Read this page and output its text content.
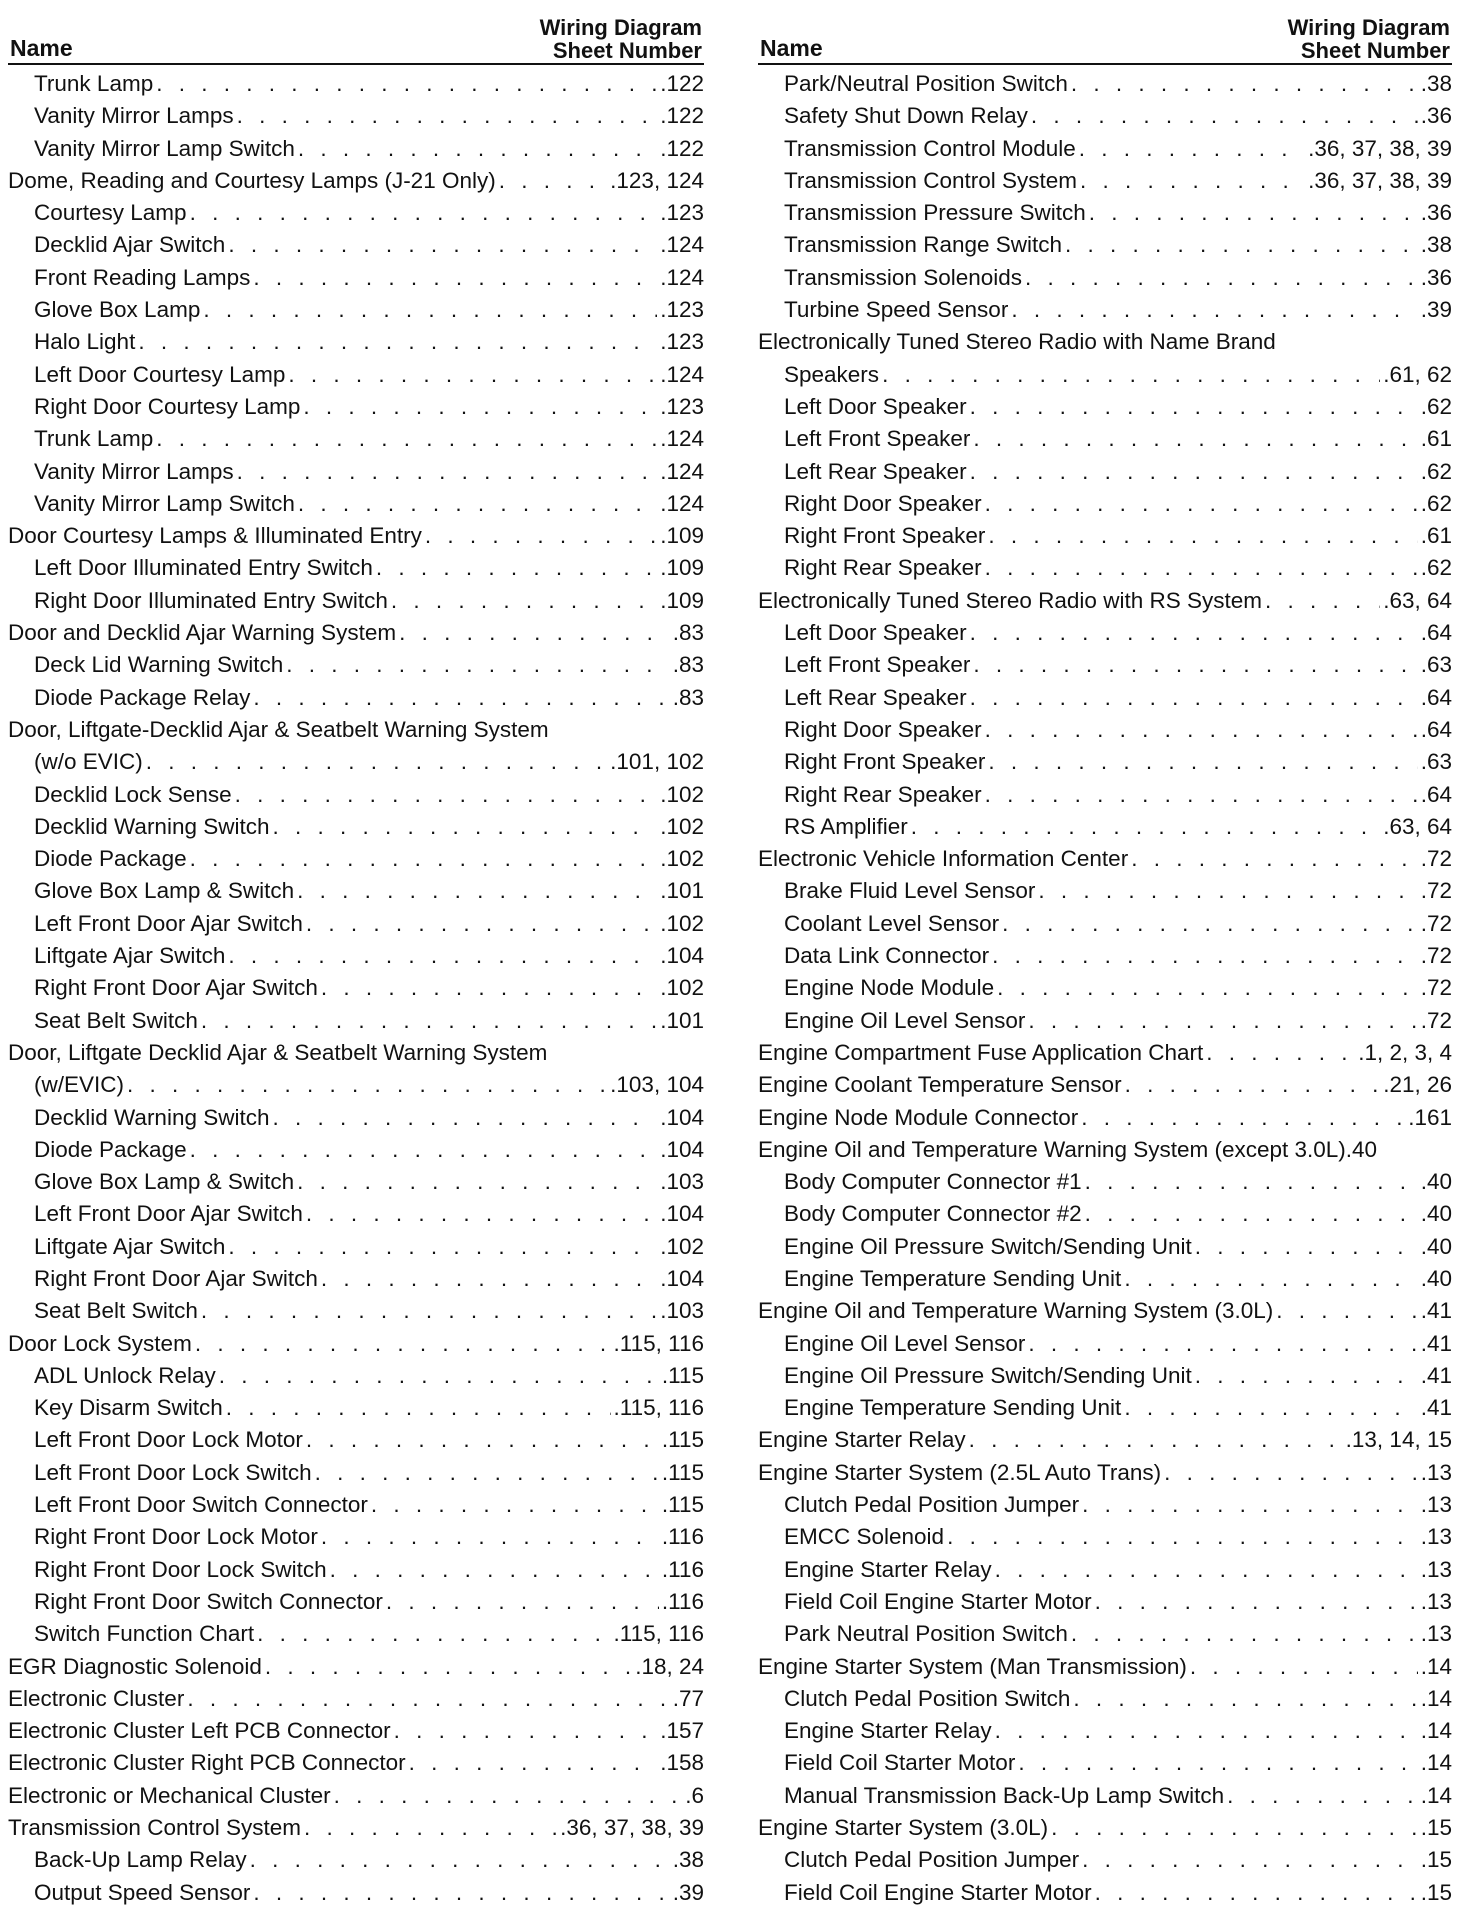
Name
Wiring Diagram
Sheet Number
Trunk Lamp . . .	.122
Vanity Mirror Lamps . . .	.122
Vanity Mirror Lamp Switch . . .	.122
Dome, Reading and Courtesy Lamps (J-21 Only) . . .	.123, 124
Courtesy Lamp . . .	.123
Decklid Ajar Switch . . .	.124
Front Reading Lamps . . .	.124
Glove Box Lamp . . .	.123
Halo Light . . .	.123
Left Door Courtesy Lamp . . .	.124
Right Door Courtesy Lamp . . .	.123
Trunk Lamp . . .	.124
Vanity Mirror Lamps . . .	.124
Vanity Mirror Lamp Switch . . .	.124
Door Courtesy Lamps & Illuminated Entry . . .	.109
Left Door Illuminated Entry Switch . . .	.109
Right Door Illuminated Entry Switch . . .	.109
Door and Decklid Ajar Warning System . . .	.83
Deck Lid Warning Switch . . .	.83
Diode Package Relay . . .	.83
Door, Liftgate-Decklid Ajar & Seatbelt Warning System
(w/o EVIC) . . .	.101, 102
Decklid Lock Sense . . .	.102
Decklid Warning Switch . . .	.102
Diode Package . . .	.102
Glove Box Lamp & Switch . . .	.101
Left Front Door Ajar Switch . . .	.102
Liftgate Ajar Switch . . .	.104
Right Front Door Ajar Switch . . .	.102
Seat Belt Switch . . .	.101
Door, Liftgate Decklid Ajar & Seatbelt Warning System
(w/EVIC) . . .	.103, 104
Decklid Warning Switch . . .	.104
Diode Package . . .	.104
Glove Box Lamp & Switch . . .	.103
Left Front Door Ajar Switch . . .	.104
Liftgate Ajar Switch . . .	.102
Right Front Door Ajar Switch . . .	.104
Seat Belt Switch . . .	.103
Door Lock System . . .	.115, 116
ADL Unlock Relay . . .	.115
Key Disarm Switch . . .	.115, 116
Left Front Door Lock Motor . . .	.115
Left Front Door Lock Switch . . .	.115
Left Front Door Switch Connector . . .	.115
Right Front Door Lock Motor . . .	.116
Right Front Door Lock Switch . . .	.116
Right Front Door Switch Connector . . .	.116
Switch Function Chart . . .	.115, 116
EGR Diagnostic Solenoid . . .	.18, 24
Electronic Cluster . . .	.77
Electronic Cluster Left PCB Connector . . .	.157
Electronic Cluster Right PCB Connector . . .	.158
Electronic or Mechanical Cluster . . .	.6
Transmission Control System . . .	.36, 37, 38, 39
Back-Up Lamp Relay . . .	.38
Output Speed Sensor . . .	.39
Name
Wiring Diagram
Sheet Number
Park/Neutral Position Switch . . .	.38
Safety Shut Down Relay . . .	.36
Transmission Control Module . . .	.36, 37, 38, 39
Transmission Control System . . .	.36, 37, 38, 39
Transmission Pressure Switch . . .	.36
Transmission Range Switch . . .	.38
Transmission Solenoids . . .	.36
Turbine Speed Sensor . . .	.39
Electronically Tuned Stereo Radio with Name Brand
Speakers . . .	.61, 62
Left Door Speaker . . .	.62
Left Front Speaker . . .	.61
Left Rear Speaker . . .	.62
Right Door Speaker . . .	.62
Right Front Speaker . . .	.61
Right Rear Speaker . . .	.62
Electronically Tuned Stereo Radio with RS System . . .	.63, 64
Left Door Speaker . . .	.64
Left Front Speaker . . .	.63
Left Rear Speaker . . .	.64
Right Door Speaker . . .	.64
Right Front Speaker . . .	.63
Right Rear Speaker . . .	.64
RS Amplifier . . .	.63, 64
Electronic Vehicle Information Center . . .	.72
Brake Fluid Level Sensor . . .	.72
Coolant Level Sensor . . .	.72
Data Link Connector . . .	.72
Engine Node Module . . .	.72
Engine Oil Level Sensor . . .	.72
Engine Compartment Fuse Application Chart . . .	.1, 2, 3, 4
Engine Coolant Temperature Sensor . . .	.21, 26
Engine Node Module Connector . . .	.161
Engine Oil and Temperature Warning System (except 3.0L) .40
Body Computer Connector #1 . . .	.40
Body Computer Connector #2 . . .	.40
Engine Oil Pressure Switch/Sending Unit . . .	.40
Engine Temperature Sending Unit . . .	.40
Engine Oil and Temperature Warning System (3.0L) . . .	.41
Engine Oil Level Sensor . . .	.41
Engine Oil Pressure Switch/Sending Unit . . .	.41
Engine Temperature Sending Unit . . .	.41
Engine Starter Relay . . .	.13, 14, 15
Engine Starter System (2.5L Auto Trans) . . .	.13
Clutch Pedal Position Jumper . . .	.13
EMCC Solenoid . . .	.13
Engine Starter Relay . . .	.13
Field Coil Engine Starter Motor . . .	.13
Park Neutral Position Switch . . .	.13
Engine Starter System (Man Transmission) . . .	.14
Clutch Pedal Position Switch . . .	.14
Engine Starter Relay . . .	.14
Field Coil Starter Motor . . .	.14
Manual Transmission Back-Up Lamp Switch . . .	.14
Engine Starter System (3.0L) . . .	.15
Clutch Pedal Position Jumper . . .	.15
Field Coil Engine Starter Motor . . .	.15
